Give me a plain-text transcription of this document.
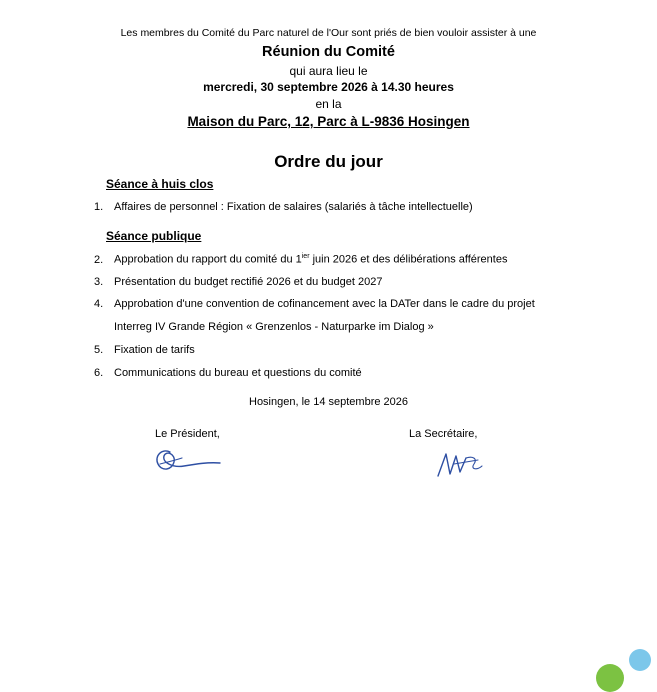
Les membres du Comité du Parc naturel de l'Our sont priés de bien vouloir assister à une
Réunion du Comité
qui aura lieu le
mercredi, 30 septembre 2026 à 14.30 heures
en la
Maison du Parc, 12, Parc à L-9836 Hosingen
Ordre du jour
Séance à huis clos
1. Affaires de personnel : Fixation de salaires (salariés à tâche intellectuelle)
Séance publique
2. Approbation du rapport du comité du $1^{ier}$ juin 2026 et des délibérations afférentes
3. Présentation du budget rectifié 2026 et du budget 2027
4. Approbation d'une convention de cofinancement avec la DATer dans le cadre du projet
Interreg IV Grande Région « Grenzenlos - Naturparke im Dialog »
5. Fixation de tarifs
6. Communications du bureau et questions du comité
Hosingen, le 14 septembre 2026
Le Président,	La Secrétaire,
